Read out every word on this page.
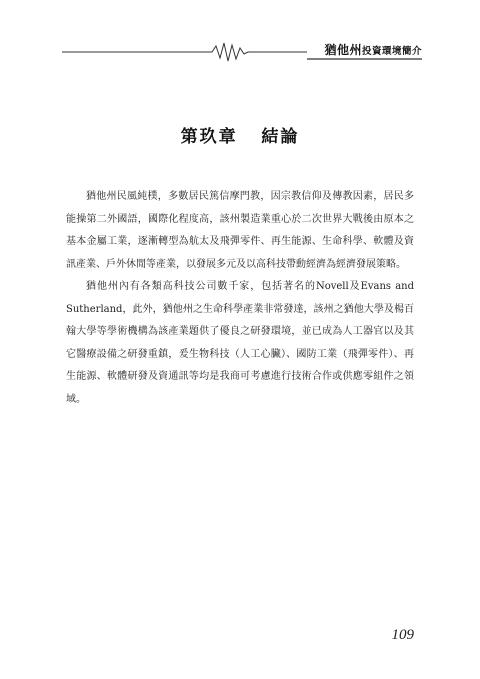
猶他州投資環境簡介
第玖章 結論

猶他州民風純樸，多數居民篤信摩門教，因宗教信仰及傳教因素，居民多能操第二外國語，國際化程度高，該州製造業重心於二次世界大戰後由原本之基本金屬工業，逐漸轉型為航太及飛彈零件、再生能源、生命科學、軟體及資訊產業、戶外休閒等產業，以發展多元及以高科技帶動經濟為經濟發展策略。

猶他州內有各類高科技公司數千家，包括著名的Novell及Evans and Sutherland，此外，猶他州之生命科學產業非常發達，該州之猶他大學及楊百翰大學等學術機構為該產業題供了優良之研發環境，並已成為人工器官以及其它醫療設備之研發重鎮，爰生物科技（人工心臟）、國防工業（飛彈零件）、再生能源、軟體研發及資通訊等均是我商可考慮進行技術合作或供應零組件之領域。

109
